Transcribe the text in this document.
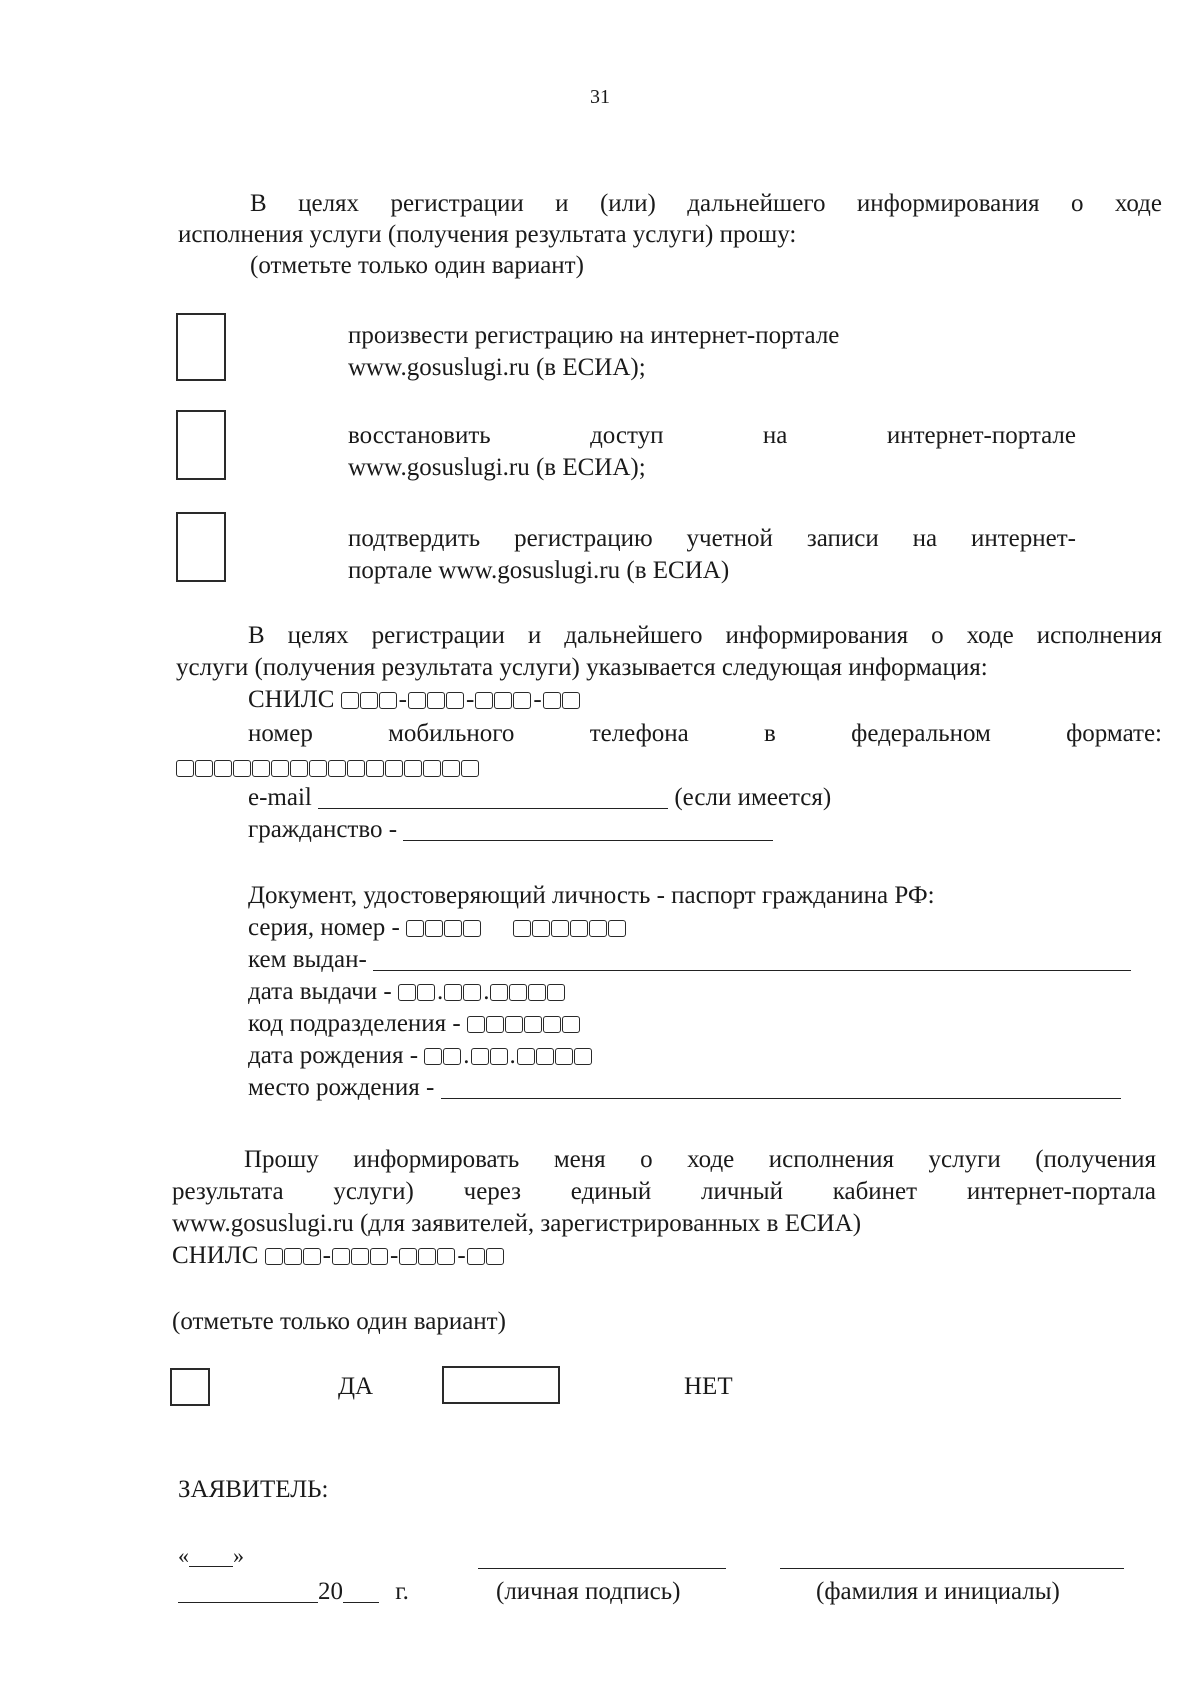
31
В целях регистрации и (или) дальнейшего информирования о ходе
исполнения услуги (получения результата услуги) прошу:
(отметьте только один вариант)
произвести регистрацию на интернет-портале
www.gosuslugi.ru (в ЕСИА);
восстановить доступ на интернет-портале
www.gosuslugi.ru (в ЕСИА);
подтвердить регистрацию учетной записи на интернет-
портале www.gosuslugi.ru (в ЕСИА)
В целях регистрации и дальнейшего информирования о ходе исполнения
услуги (получения результата услуги) указывается следующая информация:
СНИЛС	- - -
номер мобильного телефона в федеральном формате:
e-mail	(если имеется)
гражданство -
Документ, удостоверяющий личность - паспорт гражданина РФ:
серия, номер -
кем выдан-
дата выдачи - . .
код подразделения -
дата рождения - . .
место рождения -
Прошу информировать меня о ходе исполнения услуги (получения
результата услуги) через единый личный кабинет интернет-портала
www.gosuslugi.ru (для заявителей, зарегистрированных в ЕСИА)
СНИЛС	- - -
(отметьте только один вариант)
ДА	НЕТ
ЗАЯВИТЕЛЬ:
« »
20 г.	(личная подпись)	(фамилия и инициалы)
